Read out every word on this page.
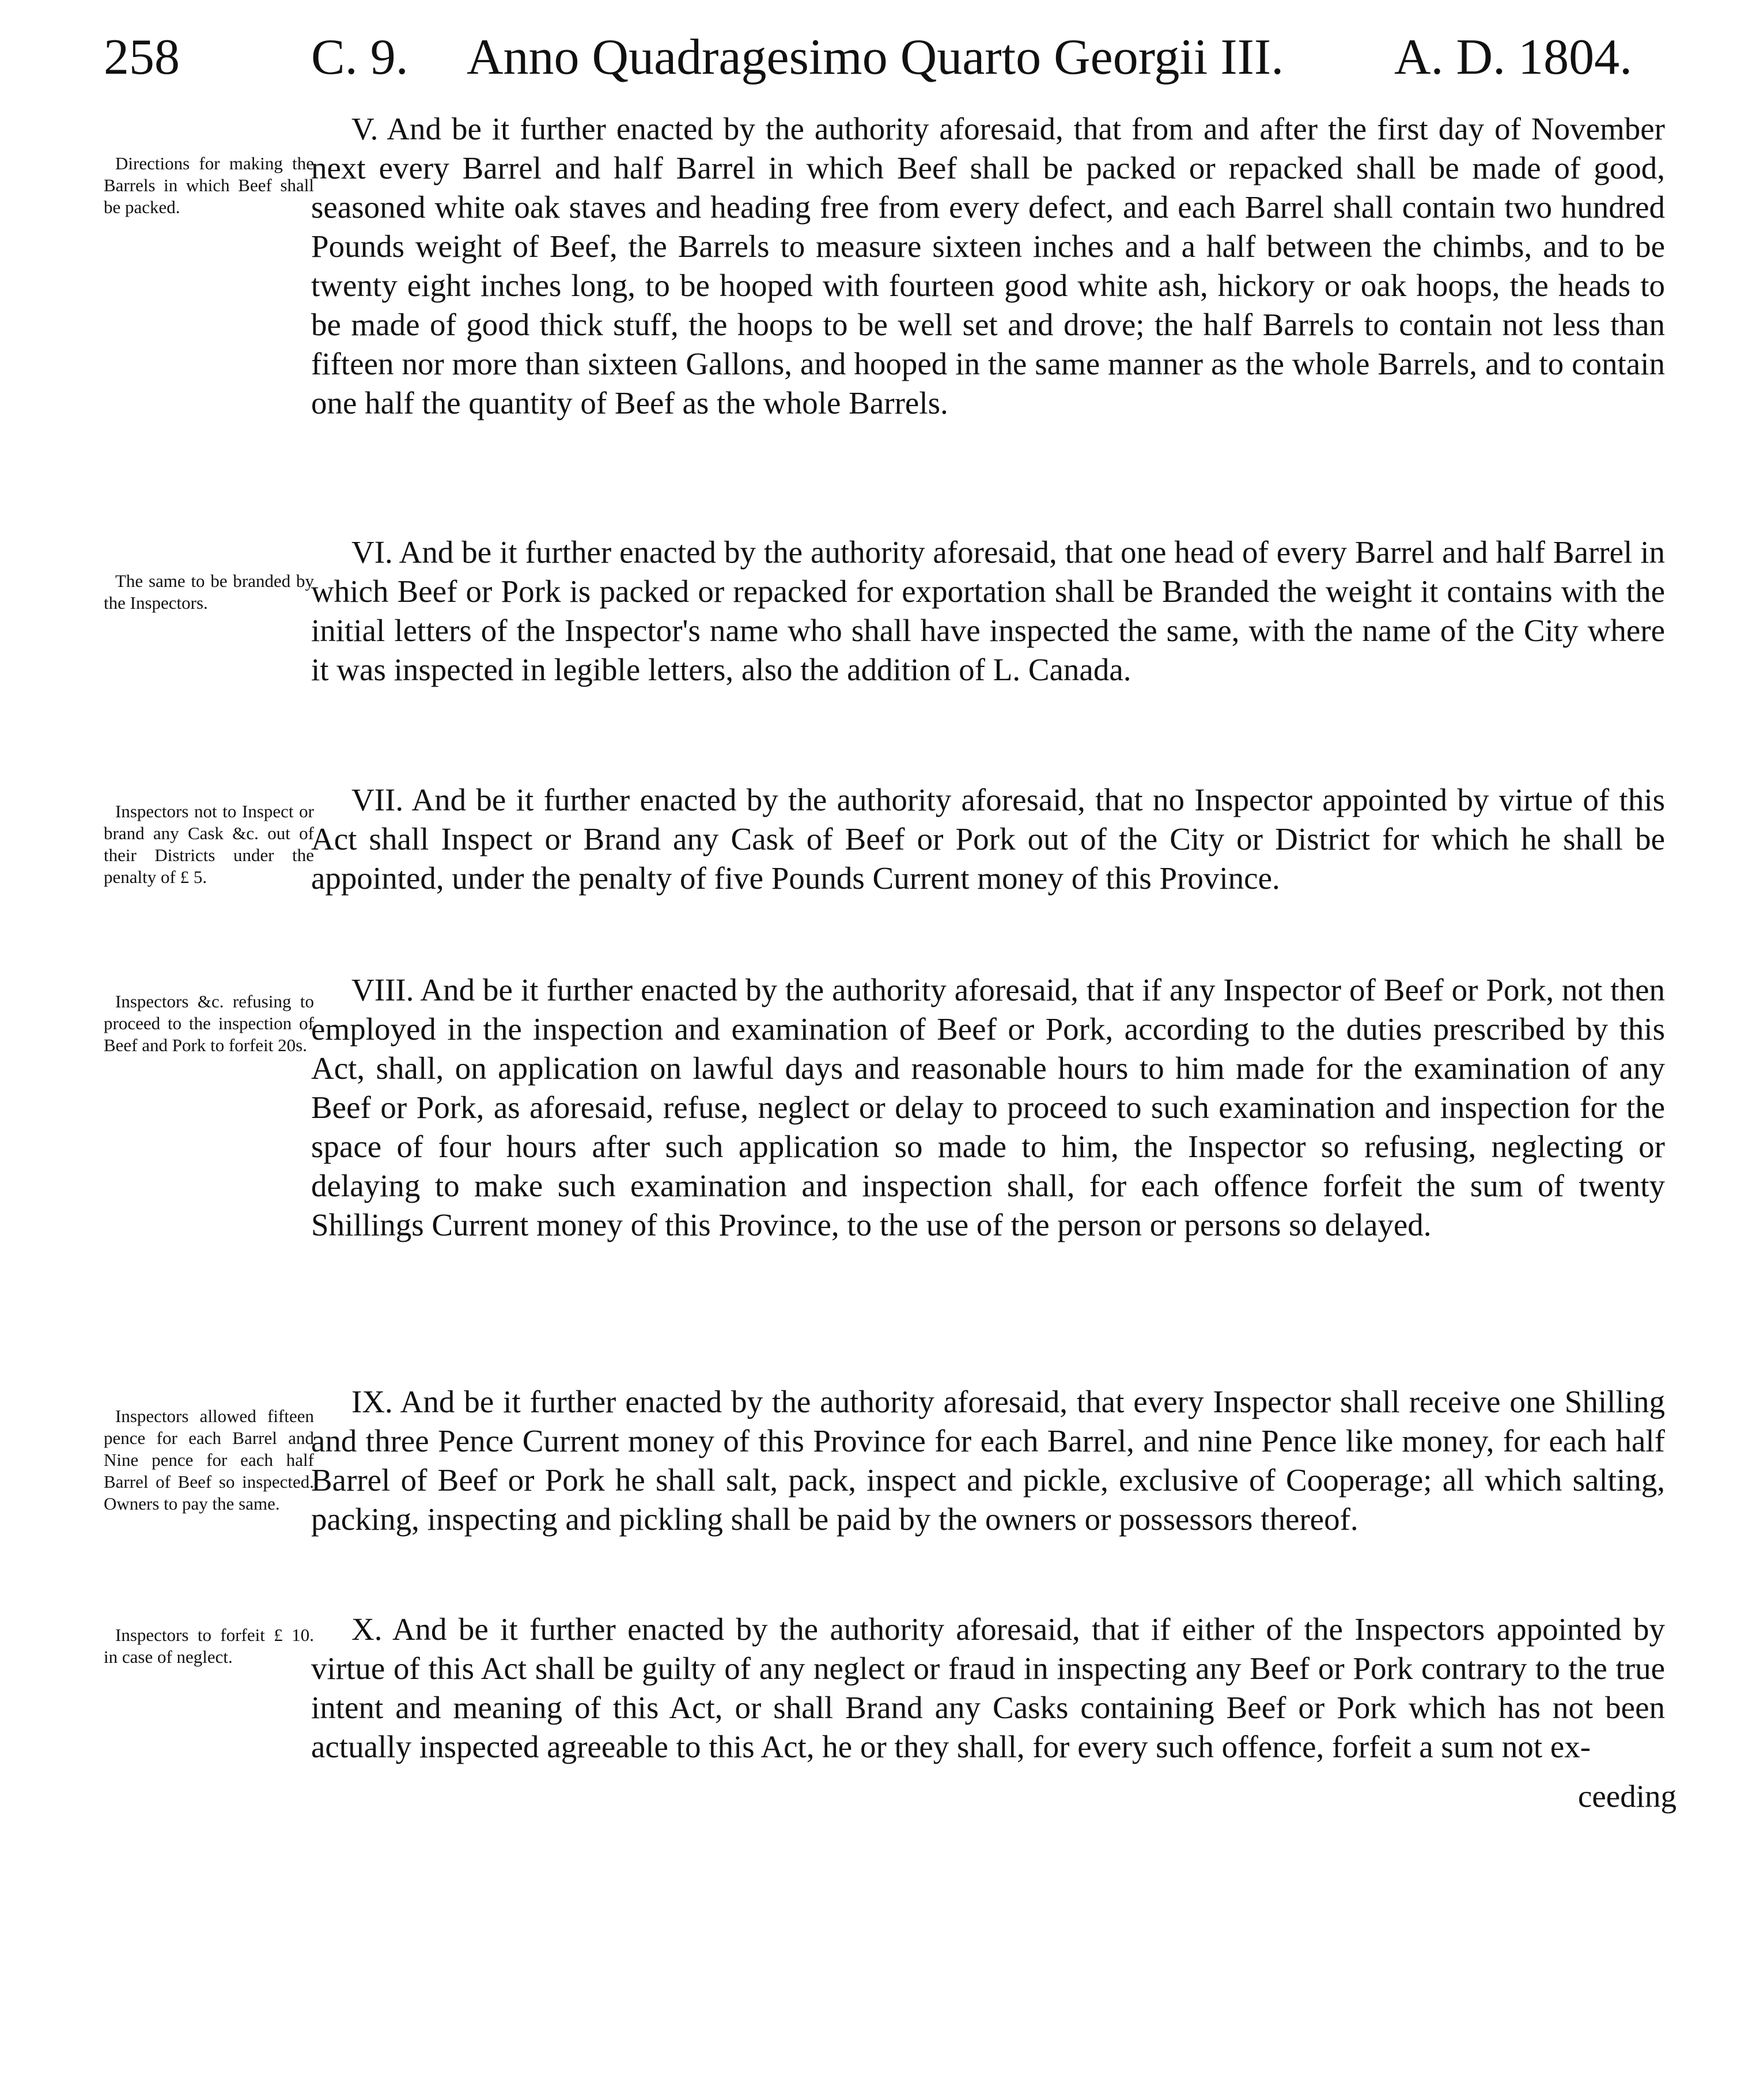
258	C. 9. Anno Quadragesimo Quarto Georgii III. A. D. 1804.

Directions for making the Barrels in which Beef shall be packed.

V. And be it further enacted by the authority aforesaid, that from and after the first day of November next every Barrel and half Barrel in which Beef shall be packed or repacked shall be made of good, seasoned white oak staves and heading free from every defect, and each Barrel shall contain two hundred Pounds weight of Beef, the Barrels to measure sixteen inches and a half between the chimbs, and to be twenty eight inches long, to be hooped with fourteen good white ash, hickory or oak hoops, the heads to be made of good thick stuff, the hoops to be well set and drove; the half Barrels to contain not less than fifteen nor more than sixteen Gallons, and hooped in the same manner as the whole Barrels, and to contain one half the quantity of Beef as the whole Barrels.

The same to be branded by the Inspectors.

VI. And be it further enacted by the authority aforesaid, that one head of every Barrel and half Barrel in which Beef or Pork is packed or repacked for exportation shall be Branded the weight it contains with the initial letters of the Inspector's name who shall have inspected the same, with the name of the City where it was inspected in legible letters, also the addition of L. Canada.

Inspectors not to Inspect or brand any Cask &c. out of their Districts under the penalty of £ 5.

VII. And be it further enacted by the authority aforesaid, that no Inspector appointed by virtue of this Act shall Inspect or Brand any Cask of Beef or Pork out of the City or District for which he shall be appointed, under the penalty of five Pounds Current money of this Province.

Inspectors &c. refusing to proceed to the inspection of Beef and Pork to forfeit 20s.

VIII. And be it further enacted by the authority aforesaid, that if any Inspector of Beef or Pork, not then employed in the inspection and examination of Beef or Pork, according to the duties prescribed by this Act, shall, on application on lawful days and reasonable hours to him made for the examination of any Beef or Pork, as aforesaid, refuse, neglect or delay to proceed to such examination and inspection for the space of four hours after such application so made to him, the Inspector so refusing, neglecting or delaying to make such examination and inspection shall, for each offence forfeit the sum of twenty Shillings Current money of this Province, to the use of the person or persons so delayed.

Inspectors allowed fifteen pence for each Barrel and Nine pence for each half Barrel of Beef so inspected. Owners to pay the same.

IX. And be it further enacted by the authority aforesaid, that every Inspector shall receive one Shilling and three Pence Current money of this Province for each Barrel, and nine Pence like money, for each half Barrel of Beef or Pork he shall salt, pack, inspect and pickle, exclusive of Cooperage; all which salting, packing, inspecting and pickling shall be paid by the owners or possessors thereof.

Inspectors to forfeit £ 10. in case of neglect.

X. And be it further enacted by the authority aforesaid, that if either of the Inspectors appointed by virtue of this Act shall be guilty of any neglect or fraud in inspecting any Beef or Pork contrary to the true intent and meaning of this Act, or shall Brand any Casks containing Beef or Pork which has not been actually inspected agreeable to this Act, he or they shall, for every such offence, forfeit a sum not ex-

ceeding
